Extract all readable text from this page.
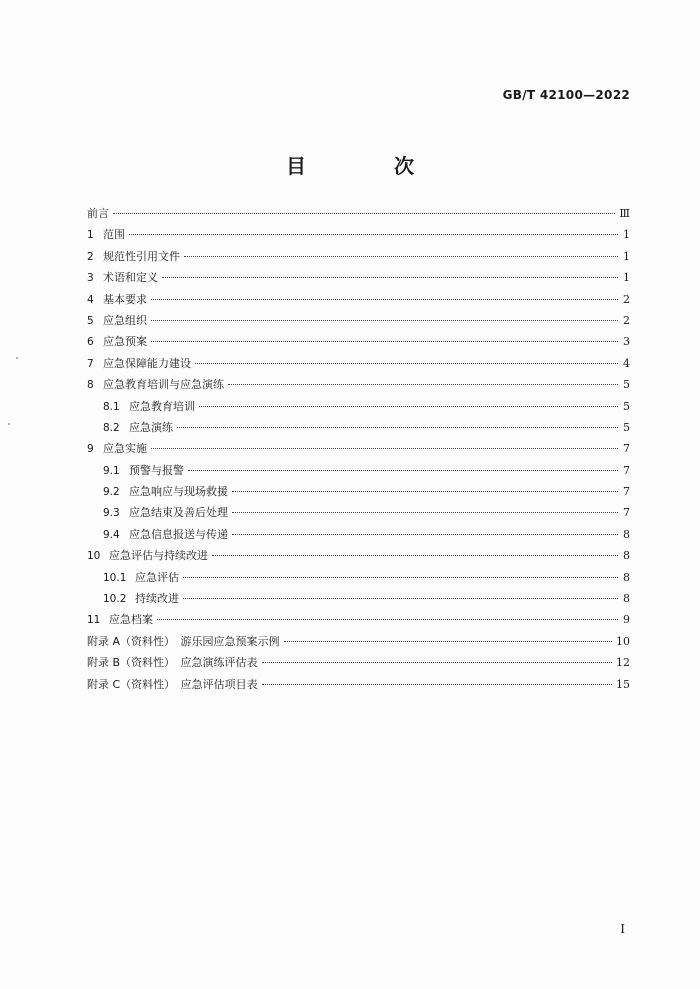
GB/T 42100—2022
目　次
前言	Ⅲ
1 范围	1
2 规范性引用文件	1
3 术语和定义	1
4 基本要求	2
5 应急组织	2
6 应急预案	3
7 应急保障能力建设	4
8 应急教育培训与应急演练	5
8.1 应急教育培训	5
8.2 应急演练	5
9 应急实施	7
9.1 预警与报警	7
9.2 应急响应与现场救援	7
9.3 应急结束及善后处理	7
9.4 应急信息报送与传递	8
10 应急评估与持续改进	8
10.1 应急评估	8
10.2 持续改进	8
11 应急档案	9
附录 A（资料性）　游乐园应急预案示例	10
附录 B（资料性）　应急演练评估表	12
附录 C（资料性）　应急评估项目表	15
I
